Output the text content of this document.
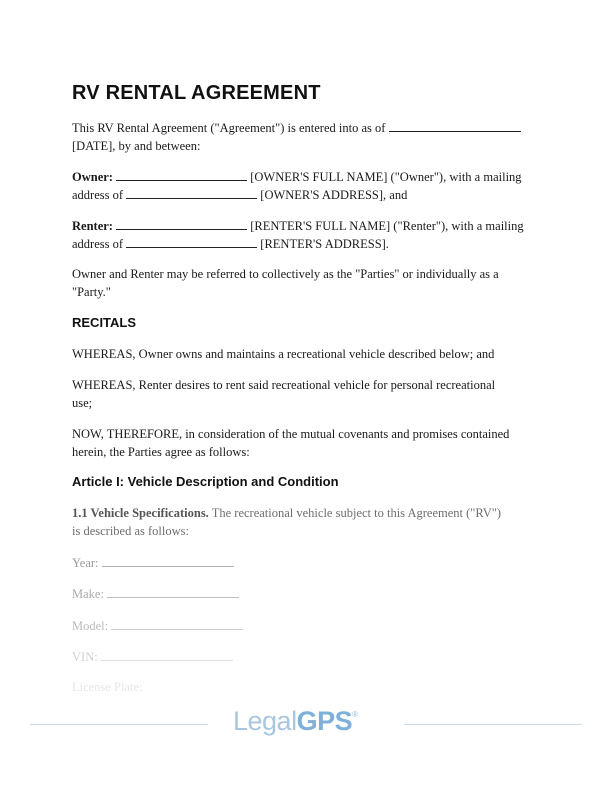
RV RENTAL AGREEMENT

This RV Rental Agreement ("Agreement") is entered into as of
[DATE], by and between:

Owner:	[OWNER'S FULL NAME] ("Owner"), with a mailing
address of	[OWNER'S ADDRESS], and

Renter:	[RENTER'S FULL NAME] ("Renter"), with a mailing
address of	[RENTER'S ADDRESS].

Owner and Renter may be referred to collectively as the "Parties" or individually as a
"Party."

RECITALS

WHEREAS, Owner owns and maintains a recreational vehicle described below; and

WHEREAS, Renter desires to rent said recreational vehicle for personal recreational
use;

NOW, THEREFORE, in consideration of the mutual covenants and promises contained
herein, the Parties agree as follows:

Article I: Vehicle Description and Condition

1.1 Vehicle Specifications. The recreational vehicle subject to this Agreement ("RV")
is described as follows:

Year:

Make:

Model:

VIN:

License Plate:

LegalGPS®
